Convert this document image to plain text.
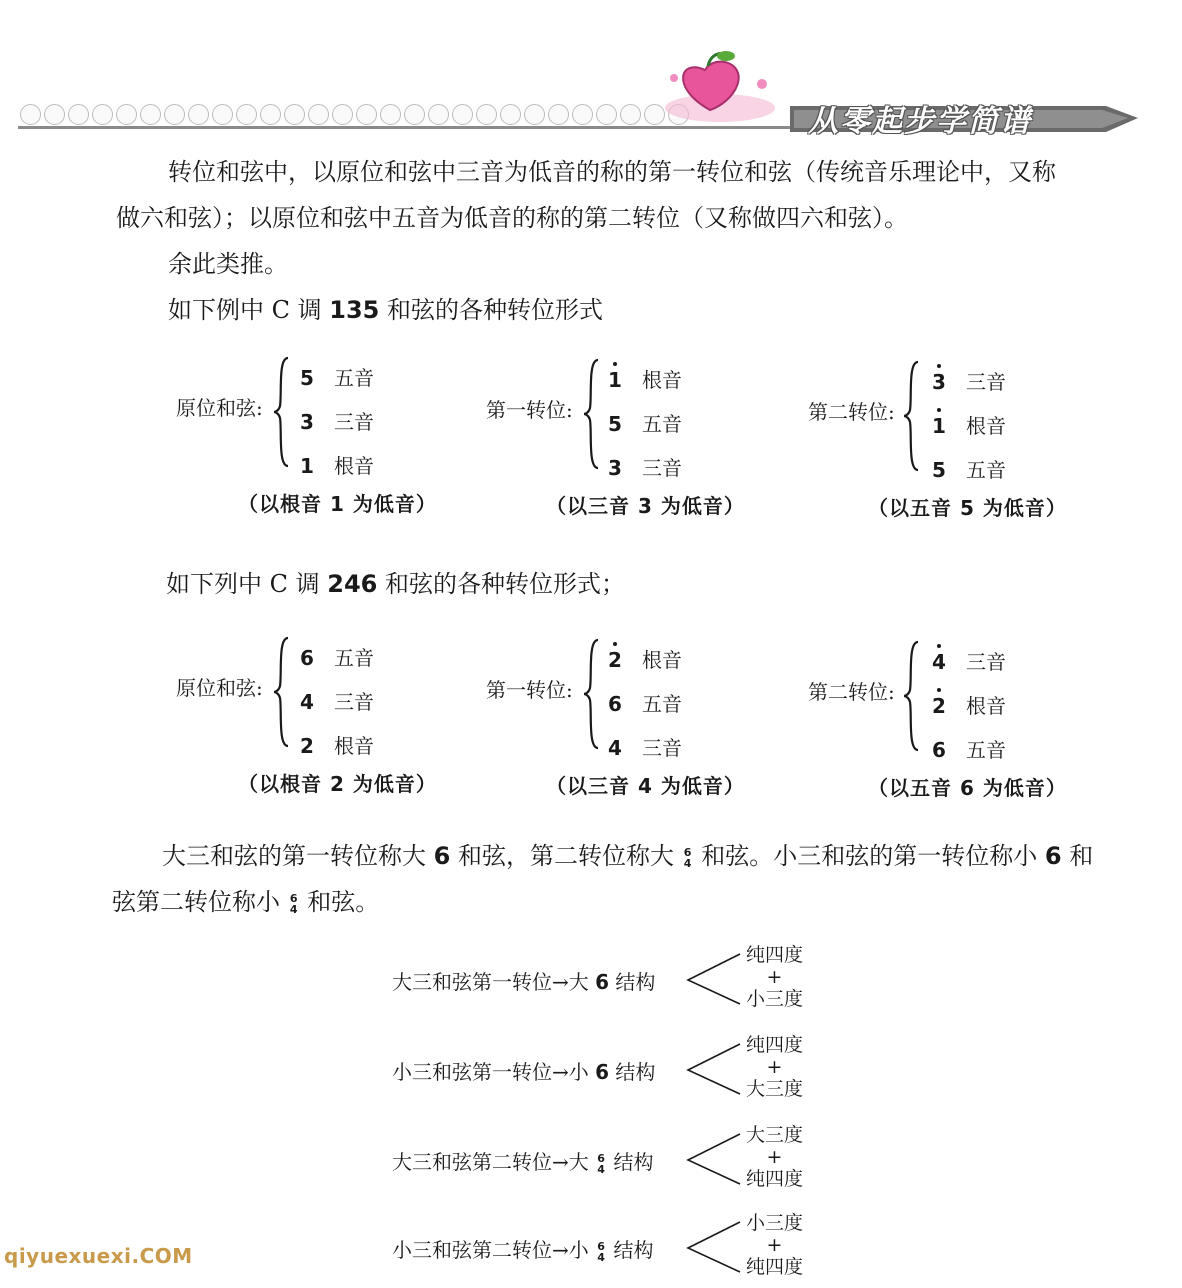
从零起步学简谱
转位和弦中，以原位和弦中三音为低音的称的第一转位和弦（传统音乐理论中，又称
做六和弦）；以原位和弦中五音为低音的称的第二转位（又称做四六和弦）。
余此类推。
如下例中 C 调 135 和弦的各种转位形式
原位和弦:
5 五音
3 三音
1 根音
（以根音 1 为低音）
第一转位:
1 根音
5 五音
3 三音
（以三音 3 为低音）
第二转位:
3 三音
1 根音
5 五音
（以五音 5 为低音）
如下列中 C 调 246 和弦的各种转位形式；
原位和弦:
6 五音
4 三音
2 根音
（以根音 2 为低音）
第一转位:
2 根音
6 五音
4 三音
（以三音 4 为低音）
第二转位:
4 三音
2 根音
6 五音
（以五音 6 为低音）
大三和弦的第一转位称大 6 和弦，第二转位称大 6
4 和弦。小三和弦的第一转位称小 6 和
弦第二转位称小 6
4 和弦。
大三和弦第一转位→大 6 结构
纯四度
+
小三度
小三和弦第一转位→小 6 结构
纯四度
+
大三度
大三和弦第二转位→大 6
4 结构
大三度
+
纯四度
小三和弦第二转位→小 6
4 结构
小三度
+
纯四度
qiyuexuexi.COM
